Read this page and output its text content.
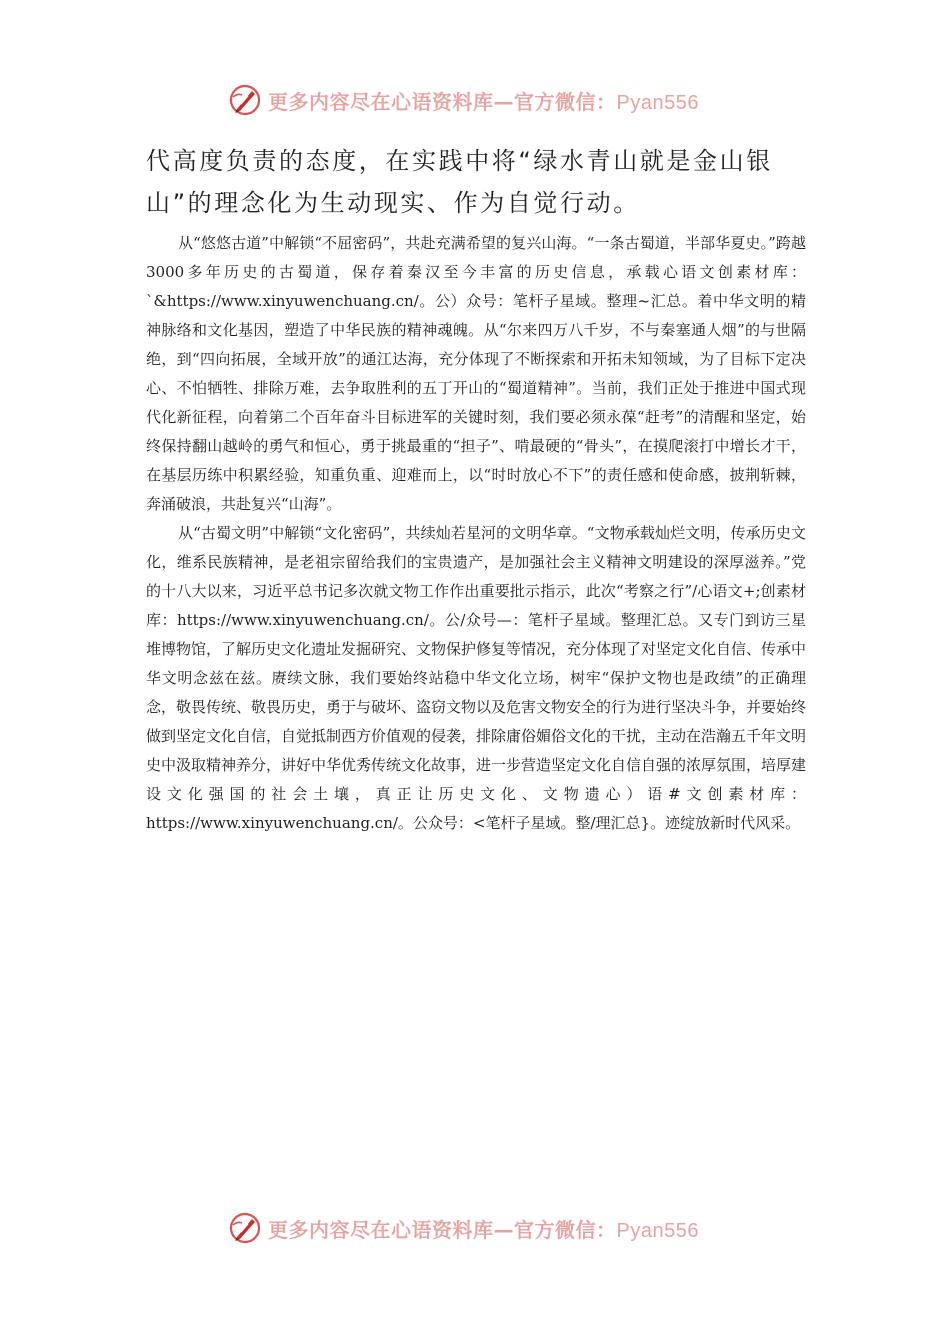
更多内容尽在心语资料库—官方微信：Pyan556
代高度负责的态度，在实践中将“绿水青山就是金山银山”的理念化为生动现实、作为自觉行动。

从“悠悠古道”中解锁“不屈密码”，共赴充满希望的复兴山海。“一条古蜀道，半部华夏史。”跨越3000多年历史的古蜀道，保存着秦汉至今丰富的历史信息，承载心语文创素材库：`&https://www.xinyuwenchuang.cn/。公）众号：笔杆子星域。整理~汇总。着中华文明的精神脉络和文化基因，塑造了中华民族的精神魂魄。从“尔来四万八千岁，不与秦塞通人烟”的与世隔绝，到“四向拓展，全域开放”的通江达海，充分体现了不断探索和开拓未知领域，为了目标下定决心、不怕牺牲、排除万难，去争取胜利的五丁开山的“蜀道精神”。当前，我们正处于推进中国式现代化新征程，向着第二个百年奋斗目标进军的关键时刻，我们要必须永葆“赶考”的清醒和坚定，始终保持翻山越岭的勇气和恒心，勇于挑最重的“担子”、啃最硬的“骨头”，在摸爬滚打中增长才干，在基层历练中积累经验，知重负重、迎难而上，以“时时放心不下”的责任感和使命感，披荆斩棘，奔涌破浪，共赴复兴“山海”。

从“古蜀文明”中解锁“文化密码”，共续灿若星河的文明华章。“文物承载灿烂文明，传承历史文化，维系民族精神，是老祖宗留给我们的宝贵遗产，是加强社会主义精神文明建设的深厚滋养。”党的十八大以来，习近平总书记多次就文物工作作出重要批示指示，此次“考察之行”/心语文+;创素材库：https://www.xinyuwenchuang.cn/。公/众号—：笔杆子星域。整理汇总。又专门到访三星堆博物馆，了解历史文化遗址发掘研究、文物保护修复等情况，充分体现了对坚定文化自信、传承中华文明念兹在兹。赓续文脉，我们要始终站稳中华文化立场，树牢“保护文物也是政绩”的正确理念，敬畏传统、敬畏历史，勇于与破坏、盗窃文物以及危害文物安全的行为进行坚决斗争，并要始终做到坚定文化自信，自觉抵制西方价值观的侵袭，排除庸俗媚俗文化的干扰，主动在浩瀚五千年文明史中汲取精神养分，讲好中华优秀传统文化故事，进一步营造坚定文化自信自强的浓厚氛围，培厚建设文化强国的社会土壤，真正让历史文化、文物遗心）语#文创素材库：https://www.xinyuwenchuang.cn/。公众号：<笔杆子星域。整/理汇总}。迹绽放新时代风采。

更多内容尽在心语资料库—官方微信：Pyan556
